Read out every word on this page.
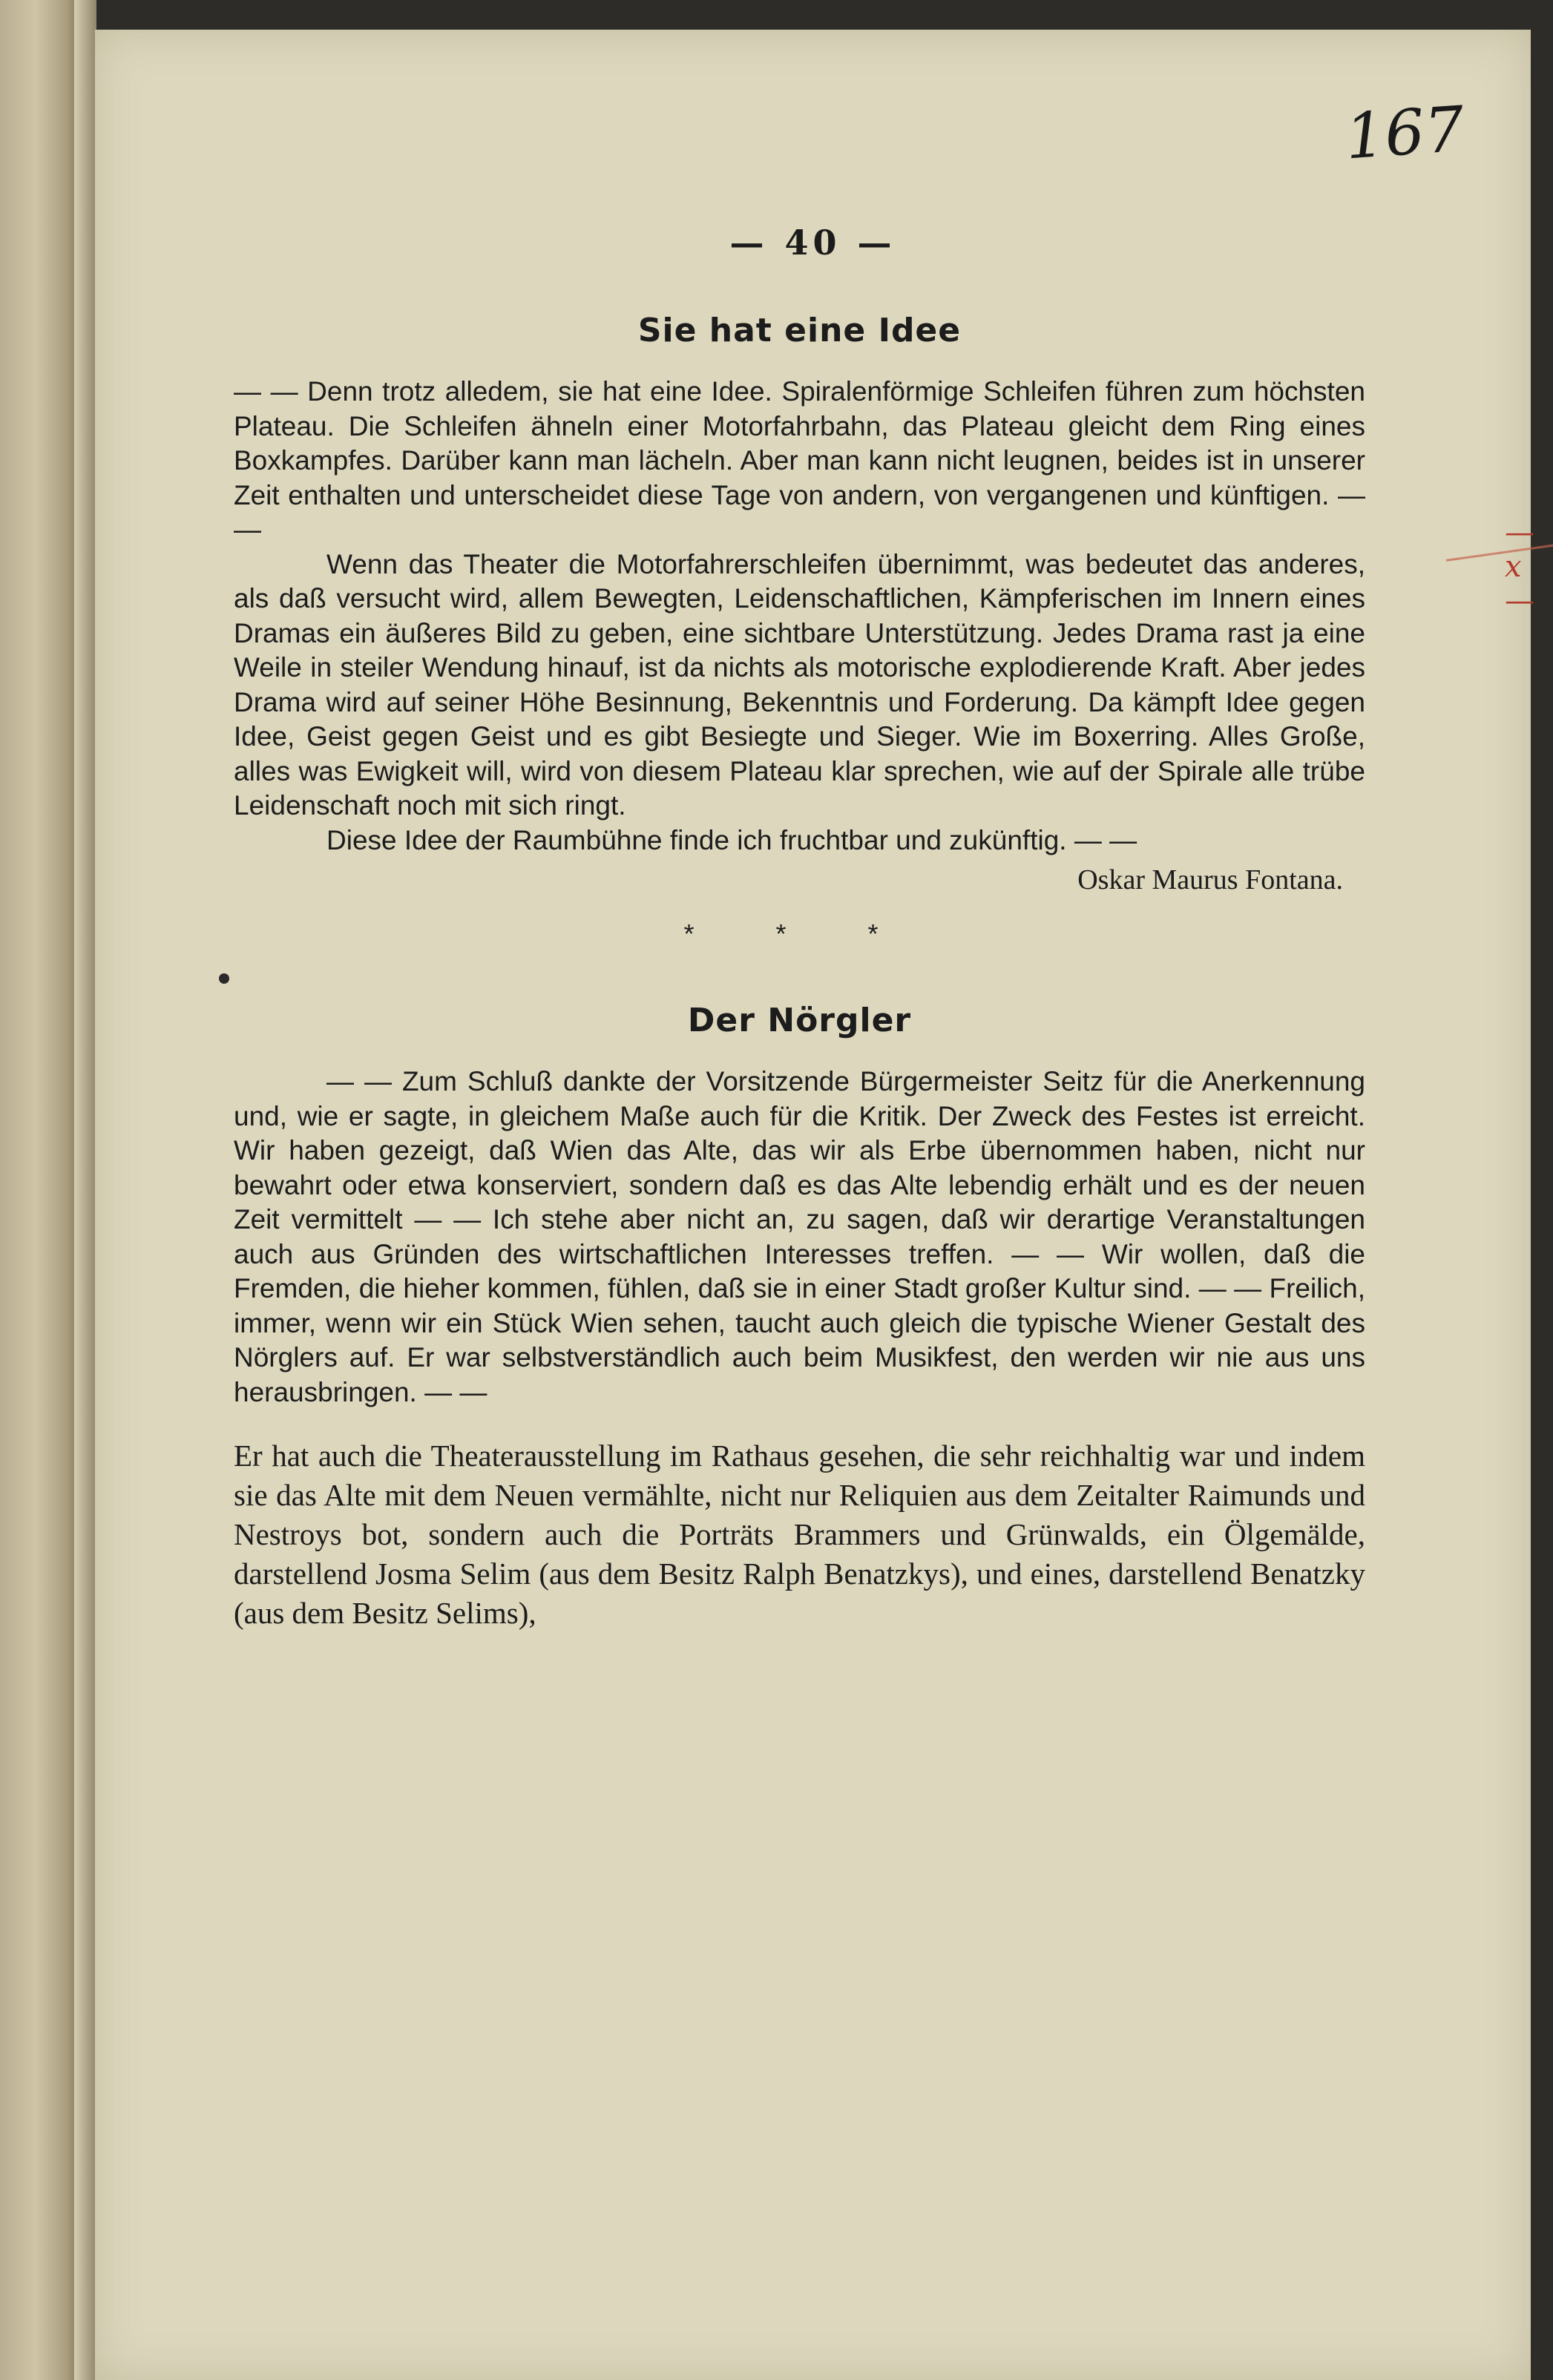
167
— 40 —
— x —
Sie hat eine Idee

— — Denn trotz alledem, sie hat eine Idee. Spiralenförmige Schleifen führen zum höchsten Plateau. Die Schleifen ähneln einer Motorfahrbahn, das Plateau gleicht dem Ring eines Boxkampfes. Darüber kann man lächeln. Aber man kann nicht leugnen, beides ist in unserer Zeit enthalten und unterscheidet diese Tage von andern, von vergangenen und künftigen. — —

Wenn das Theater die Motorfahrerschleifen übernimmt, was bedeutet das anderes, als daß versucht wird, allem Bewegten, Leidenschaftlichen, Kämpferischen im Innern eines Dramas ein äußeres Bild zu geben, eine sichtbare Unterstützung. Jedes Drama rast ja eine Weile in steiler Wendung hinauf, ist da nichts als motorische explodierende Kraft. Aber jedes Drama wird auf seiner Höhe Besinnung, Bekenntnis und Forderung. Da kämpft Idee gegen Idee, Geist gegen Geist und es gibt Besiegte und Sieger. Wie im Boxerring. Alles Große, alles was Ewigkeit will, wird von diesem Plateau klar sprechen, wie auf der Spirale alle trübe Leidenschaft noch mit sich ringt.

Diese Idee der Raumbühne finde ich fruchtbar und zukünftig. — —

Oskar Maurus Fontana.
* * *
Der Nörgler

— — Zum Schluß dankte der Vorsitzende Bürgermeister Seitz für die Anerkennung und, wie er sagte, in gleichem Maße auch für die Kritik. Der Zweck des Festes ist erreicht. Wir haben gezeigt, daß Wien das Alte, das wir als Erbe übernommen haben, nicht nur bewahrt oder etwa konserviert, sondern daß es das Alte lebendig erhält und es der neuen Zeit vermittelt — — Ich stehe aber nicht an, zu sagen, daß wir derartige Veranstaltungen auch aus Gründen des wirtschaftlichen Interesses treffen. — — Wir wollen, daß die Fremden, die hieher kommen, fühlen, daß sie in einer Stadt großer Kultur sind. — — Freilich, immer, wenn wir ein Stück Wien sehen, taucht auch gleich die typische Wiener Gestalt des Nörglers auf. Er war selbstverständlich auch beim Musikfest, den werden wir nie aus uns herausbringen. — —

Er hat auch die Theaterausstellung im Rathaus gesehen, die sehr reichhaltig war und indem sie das Alte mit dem Neuen vermählte, nicht nur Reliquien aus dem Zeitalter Raimunds und Nestroys bot, sondern auch die Porträts Brammers und Grünwalds, ein Ölgemälde, darstellend Josma Selim (aus dem Besitz Ralph Benatzkys), und eines, darstellend Benatzky (aus dem Besitz Selims),
